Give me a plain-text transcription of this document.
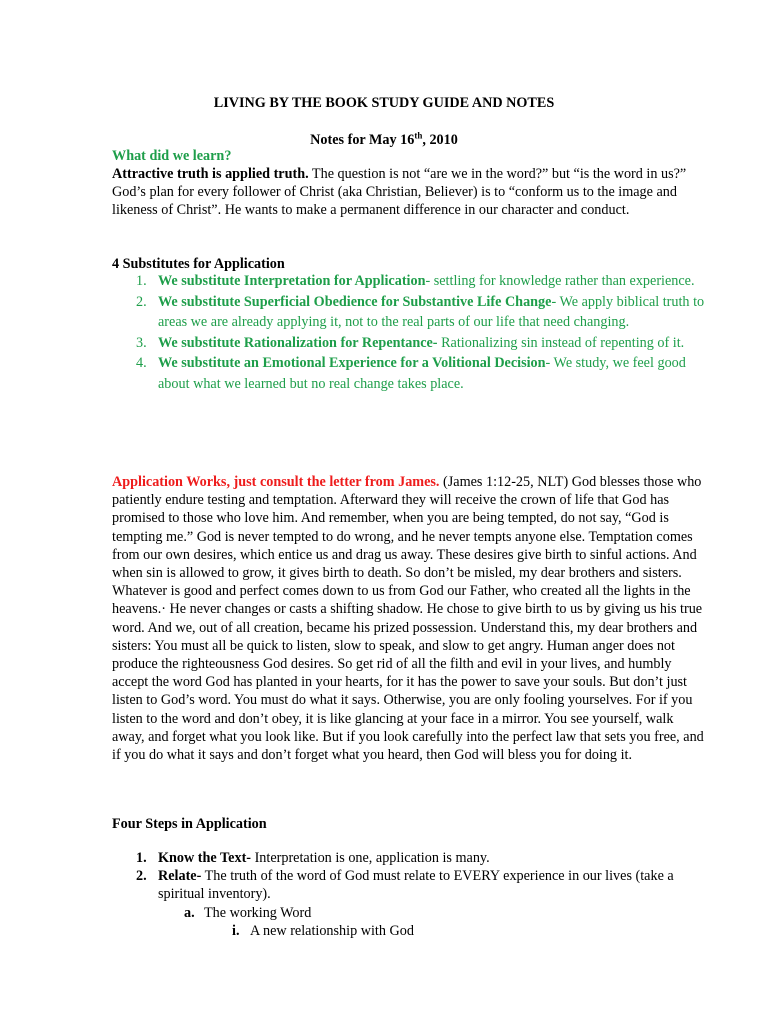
LIVING BY THE BOOK STUDY GUIDE AND NOTES
Notes for May 16th, 2010
What did we learn?

Attractive truth is applied truth. The question is not “are we in the word?” but “is the word in us?” God’s plan for every follower of Christ (aka Christian, Believer) is to “conform us to the image and likeness of Christ”. He wants to make a permanent difference in our character and conduct.

4 Substitutes for Application
1. We substitute Interpretation for Application- settling for knowledge rather than experience.
2. We substitute Superficial Obedience for Substantive Life Change- We apply biblical truth to areas we are already applying it, not to the real parts of our life that need changing.
3. We substitute Rationalization for Repentance- Rationalizing sin instead of repenting of it.
4. We substitute an Emotional Experience for a Volitional Decision- We study, we feel good about what we learned but no real change takes place.

Application Works, just consult the letter from James. (James 1:12-25, NLT) God blesses those who patiently endure testing and temptation. Afterward they will receive the crown of life that God has promised to those who love him. And remember, when you are being tempted, do not say, “God is tempting me.” God is never tempted to do wrong, and he never tempts anyone else. Temptation comes from our own desires, which entice us and drag us away. These desires give birth to sinful actions. And when sin is allowed to grow, it gives birth to death. So don’t be misled, my dear brothers and sisters. Whatever is good and perfect comes down to us from God our Father, who created all the lights in the heavens.· He never changes or casts a shifting shadow. He chose to give birth to us by giving us his true word. And we, out of all creation, became his prized possession. Understand this, my dear brothers and sisters: You must all be quick to listen, slow to speak, and slow to get angry. Human anger does not produce the righteousness God desires. So get rid of all the filth and evil in your lives, and humbly accept the word God has planted in your hearts, for it has the power to save your souls. But don’t just listen to God’s word. You must do what it says. Otherwise, you are only fooling yourselves. For if you listen to the word and don’t obey, it is like glancing at your face in a mirror. You see yourself, walk away, and forget what you look like. But if you look carefully into the perfect law that sets you free, and if you do what it says and don’t forget what you heard, then God will bless you for doing it.

Four Steps in Application
1. Know the Text- Interpretation is one, application is many.
2. Relate- The truth of the word of God must relate to EVERY experience in our lives (take a spiritual inventory).
a. The working Word
i. A new relationship with God
